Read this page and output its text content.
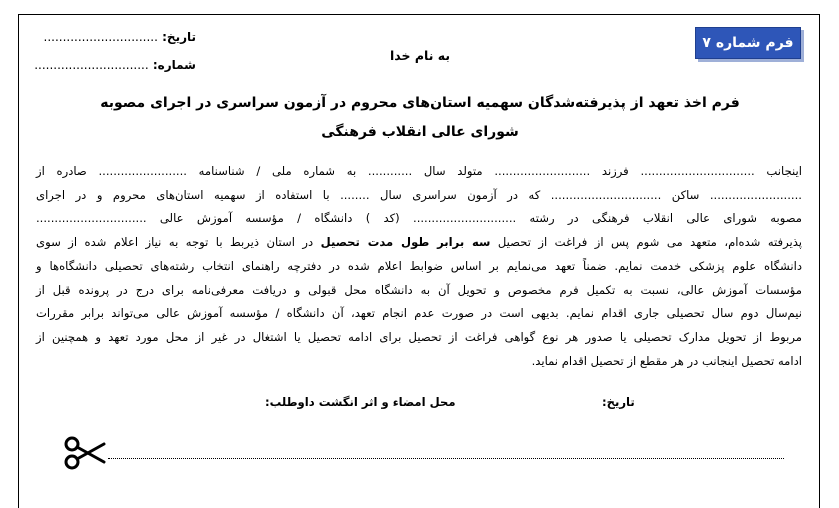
فرم شماره ۷
تاریخ: ..............................
شماره: ..............................
به نام خدا
فرم اخذ تعهد از پذیرفته‌شدگان سهمیه استان‌های محروم در آزمون سراسری در اجرای مصوبه
شورای عالی انقلاب فرهنگی

اینجانب ............................... فرزند .......................... متولد سال ............ به شماره ملی / شناسنامه ........................ صادره از

......................... ساکن .............................. که در آزمون سراسری سال ........ با استفاده از سهمیه استان‌های محروم و در اجرای

مصوبه شورای عالی انقلاب فرهنگی در رشته ............................ (کد ) دانشگاه / مؤسسه آموزش عالی ..............................

پذیرفته شده‌ام، متعهد می شوم پس از فراغت از تحصیل سه برابر طول مدت تحصیل در استان ذیربط با توجه به نیاز اعلام شده از سوی

دانشگاه علوم پزشکی خدمت نمایم. ضمناً تعهد می‌نمایم بر اساس ضوابط اعلام شده در دفترچه راهنمای انتخاب رشته‌های تحصیلی دانشگاه‌ها و

مؤسسات آموزش عالی، نسبت به تکمیل فرم مخصوص و تحویل آن به دانشگاه محل قبولی و دریافت معرفی‌نامه برای درج در پرونده قبل از

نیم‌سال دوم سال تحصیلی جاری اقدام نمایم. بدیهی است در صورت عدم انجام تعهد، آن دانشگاه / مؤسسه آموزش عالی می‌تواند برابر مقررات

مربوط از تحویل مدارک تحصیلی یا صدور هر نوع گواهی فراغت از تحصیل برای ادامه تحصیل یا اشتغال در غیر از محل مورد تعهد و همچنین از

ادامه تحصیل اینجانب در هر مقطع از تحصیل اقدام نماید.

تاریخ:
محل امضاء و اثر انگشت داوطلب:
